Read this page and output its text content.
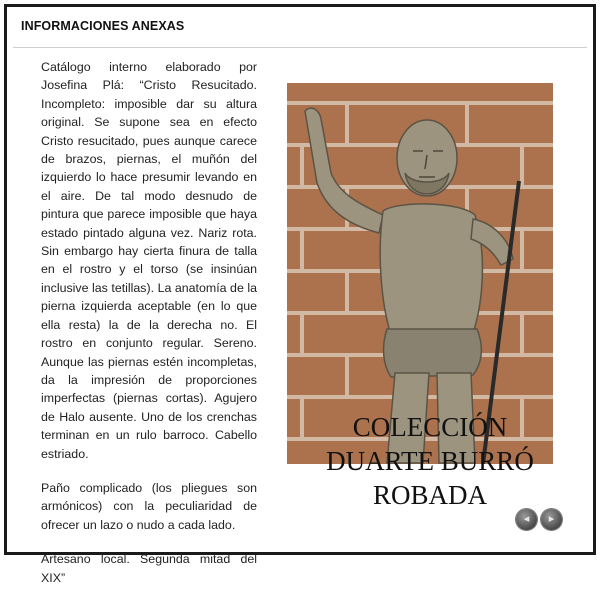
INFORMACIONES ANEXAS

Catálogo interno elaborado por Josefina Plá: “Cristo Resucitado. Incompleto: imposible dar su altura original. Se supone sea en efecto Cristo resucitado, pues aunque carece de brazos, piernas, el muñón del izquierdo lo hace presumir levando en el aire. De tal modo desnudo de pintura que parece imposible que haya estado pintado alguna vez. Nariz rota. Sin embargo hay cierta finura de talla en el rostro y el torso (se insinúan inclusive las tetillas). La anatomía de la pierna izquierda aceptable (en lo que ella resta) la de la derecha no. El rostro en conjunto regular. Sereno. Aunque las piernas estén incompletas, da la impresión de proporciones imperfectas (piernas cortas). Agujero de Halo ausente. Uno de los crenchas terminan en un rulo barroco. Cabello estriado.

Paño complicado (los pliegues son armónicos) con la peculiaridad de ofrecer un lazo o nudo a cada lado.

Artesano local. Segunda mitad del XIX”

COLECCIÓN
DUARTE BURRÓ
ROBADA
◂	▸
